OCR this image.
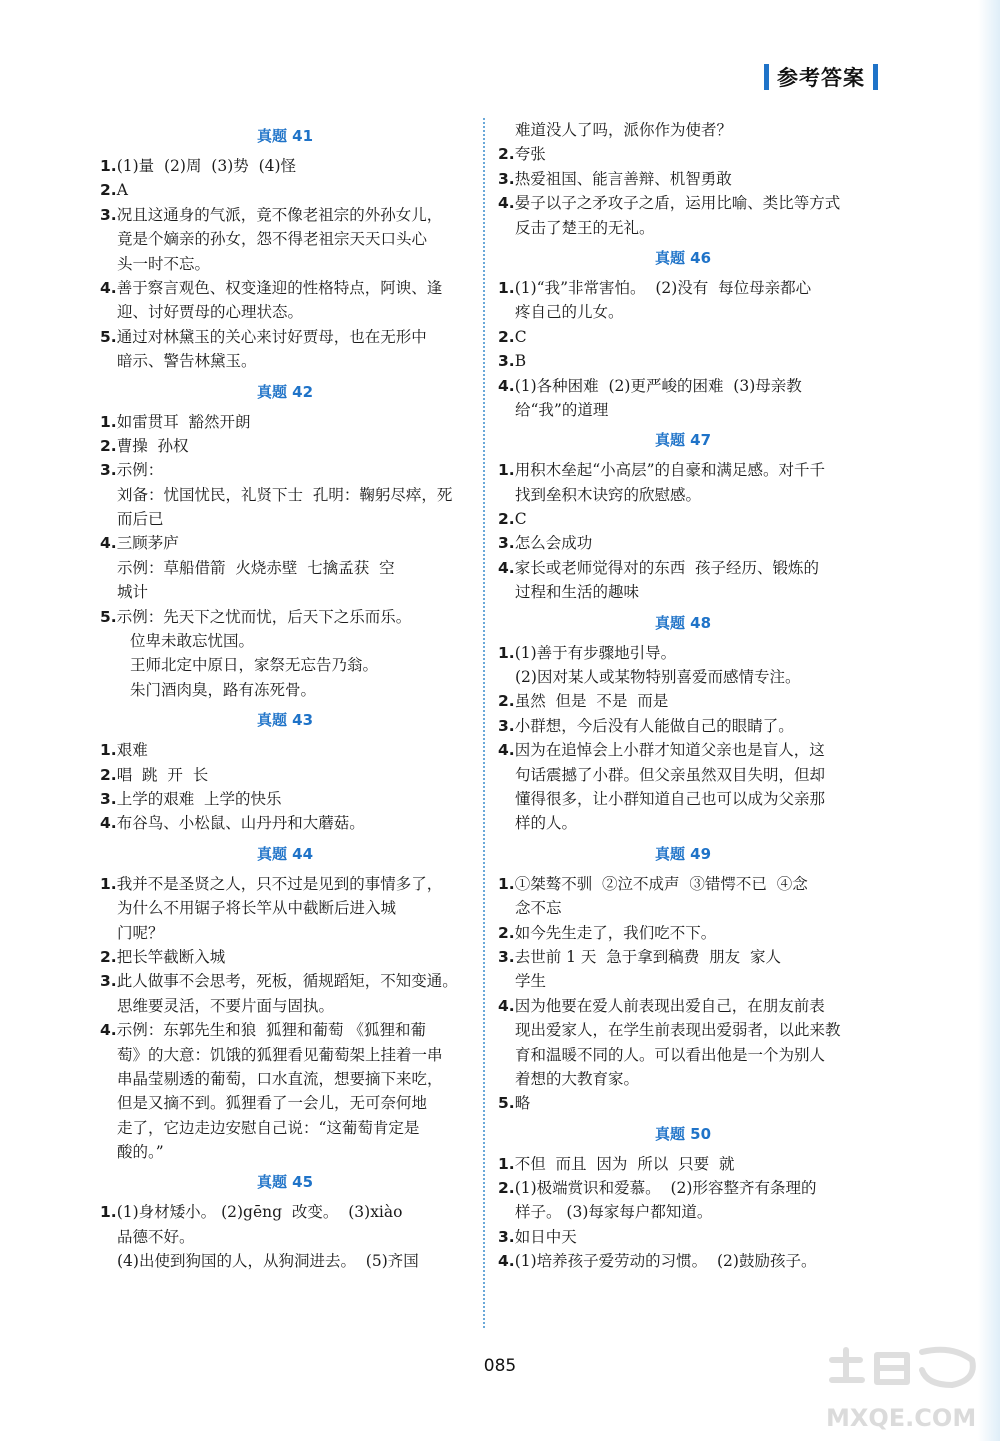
参考答案
真题 41
1.(1)量  (2)周  (3)势  (4)怪
2.A
3.况且这通身的气派，竟不像老祖宗的外孙女儿，
竟是个嫡亲的孙女，怨不得老祖宗天天口头心
头一时不忘。
4.善于察言观色、权变逢迎的性格特点，阿谀、逢
迎、讨好贾母的心理状态。
5.通过对林黛玉的关心来讨好贾母，也在无形中
暗示、警告林黛玉。
真题 42
1.如雷贯耳  豁然开朗
2.曹操  孙权
3.示例：
刘备：忧国忧民，礼贤下士  孔明：鞠躬尽瘁，死
而后已
4.三顾茅庐
示例：草船借箭  火烧赤壁  七擒孟获  空
城计
5.示例：先天下之忧而忧，后天下之乐而乐。
位卑未敢忘忧国。
王师北定中原日，家祭无忘告乃翁。
朱门酒肉臭，路有冻死骨。
真题 43
1.艰难
2.唱  跳  开  长
3.上学的艰难  上学的快乐
4.布谷鸟、小松鼠、山丹丹和大蘑菇。
真题 44
1.我并不是圣贤之人，只不过是见到的事情多了，
为什么不用锯子将长竿从中截断后进入城
门呢？
2.把长竿截断入城
3.此人做事不会思考，死板，循规蹈矩，不知变通。
思维要灵活，不要片面与固执。
4.示例：东郭先生和狼  狐狸和葡萄 《狐狸和葡
萄》的大意：饥饿的狐狸看见葡萄架上挂着一串
串晶莹剔透的葡萄，口水直流，想要摘下来吃，
但是又摘不到。狐狸看了一会儿，无可奈何地
走了，它边走边安慰自己说：“这葡萄肯定是
酸的。”
真题 45
1.(1)身材矮小。 (2)gēng  改变。  (3)xiào
品德不好。
(4)出使到狗国的人，从狗洞进去。  (5)齐国
难道没人了吗，派你作为使者？
2.夸张
3.热爱祖国、能言善辩、机智勇敢
4.晏子以子之矛攻子之盾，运用比喻、类比等方式
反击了楚王的无礼。
真题 46
1.(1)“我”非常害怕。  (2)没有  每位母亲都心
疼自己的儿女。
2.C
3.B
4.(1)各种困难  (2)更严峻的困难  (3)母亲教
给“我”的道理
真题 47
1.用积木垒起“小高层”的自豪和满足感。对千千
找到垒积木诀窍的欣慰感。
2.C
3.怎么会成功
4.家长或老师觉得对的东西  孩子经历、锻炼的
过程和生活的趣味
真题 48
1.(1)善于有步骤地引导。
(2)因对某人或某物特别喜爱而感情专注。
2.虽然  但是  不是  而是
3.小群想，今后没有人能做自己的眼睛了。
4.因为在追悼会上小群才知道父亲也是盲人，这
句话震撼了小群。但父亲虽然双目失明，但却
懂得很多，让小群知道自己也可以成为父亲那
样的人。
真题 49
1.①桀骜不驯  ②泣不成声  ③错愕不已  ④念
念不忘
2.如今先生走了，我们吃不下。
3.去世前 1 天  急于拿到稿费  朋友  家人
学生
4.因为他要在爱人前表现出爱自己，在朋友前表
现出爱家人，在学生前表现出爱弱者，以此来教
育和温暖不同的人。可以看出他是一个为别人
着想的大教育家。
5.略
真题 50
1.不但  而且  因为  所以  只要  就
2.(1)极端赏识和爱慕。  (2)形容整齐有条理的
样子。 (3)每家每户都知道。
3.如日中天
4.(1)培养孩子爱劳动的习惯。  (2)鼓励孩子。
085
MXQE.COM
